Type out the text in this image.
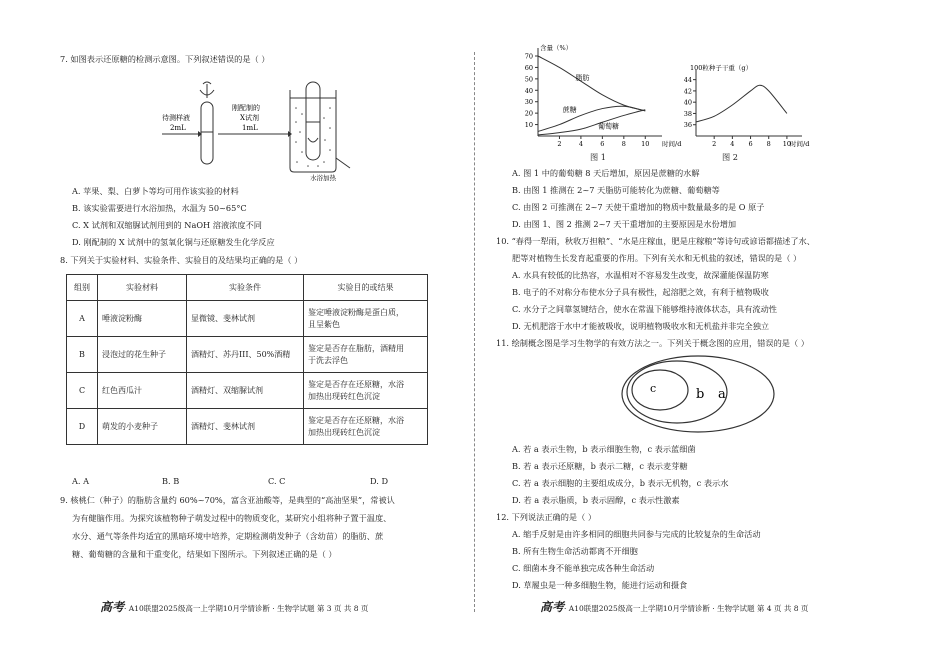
7. 如图表示还原糖的检测示意图。下列叙述错误的是（ ）
待测样液
2mL
刚配制的
X试剂
1mL
水浴加热
A. 苹果、梨、白萝卜等均可用作该实验的材料
B. 该实验需要进行水浴加热，水温为 50~65°C
C. X 试剂和双缩脲试剂用到的 NaOH 溶液浓度不同
D. 刚配制的 X 试剂中的氢氧化铜与还原糖发生化学反应
8. 下列关于实验材料、实验条件、实验目的及结果均正确的是（ ）
组别	实验材料	实验条件	实验目的或结果
A	唾液淀粉酶	显微镜、斐林试剂	鉴定唾液淀粉酶是蛋白质，
且呈紫色

B	浸泡过的花生种子	酒精灯、苏丹III、50%酒精	鉴定是否存在脂肪，酒精用
于洗去浮色

C	红色西瓜汁	酒精灯、双缩脲试剂	鉴定是否存在还原糖，水浴
加热出现砖红色沉淀

D	萌发的小麦种子	酒精灯、斐林试剂	鉴定是否存在还原糖，水浴
加热出现砖红色沉淀
A. A	B. B	C. C	D. D
9. 核桃仁（种子）的脂肪含量约 60%~70%，富含亚油酸等，是典型的“高油坚果”，常被认
为有健脑作用。为探究该植物种子萌发过程中的物质变化，某研究小组将种子置于温度、
水分、通气等条件均适宜的黑暗环境中培养，定期检测萌发种子（含幼苗）的脂肪、蔗
糖、葡萄糖的含量和干重变化，结果如下图所示。下列叙述正确的是（ ）
高考· A10联盟2025级高一上学期10月学情诊断 · 生物学试题 第 3 页 共 8 页
含量（%）
时间/d
70
60
50
40
30
20
10
2	4	6	8 10
脂肪
蔗糖
葡萄糖
图 1
100粒种子干重（g）
时间/d
44
42
40
38
36
2 4 6 8 10
图 2
A. 图 1 中的葡萄糖 8 天后增加，原因是蔗糖的水解
B. 由图 1 推测在 2~7 天脂肪可能转化为蔗糖、葡萄糖等
C. 由图 2 可推测在 2~7 天使干重增加的物质中数量最多的是 O 原子
D. 由图 1、图 2 推测 2~7 天干重增加的主要原因是水份增加
10. “春得一犁雨，秋收万担粮”、“水是庄稼血，肥是庄稼粮”等诗句或谚语都描述了水、
肥等对植物生长发育起重要的作用。下列有关水和无机盐的叙述，错误的是（ ）
A. 水具有较低的比热容，水温相对不容易发生改变，故深灌能保温防寒
B. 电子的不对称分布使水分子具有极性，起溶肥之效，有利于植物吸收
C. 水分子之间靠氢键结合，使水在常温下能够维持液体状态，具有流动性
D. 无机肥溶于水中才能被吸收，说明植物吸收水和无机盐并非完全独立
11. 绘制概念图是学习生物学的有效方法之一。下列关于概念图的应用，错误的是（ ）
c	b a
A. 若 a 表示生物，b 表示细胞生物，c 表示蓝细菌
B. 若 a 表示还原糖，b 表示二糖，c 表示麦芽糖
C. 若 a 表示细胞的主要组成成分，b 表示无机物，c 表示水
D. 若 a 表示脂质，b 表示固醇，c 表示性激素
12. 下列说法正确的是（ ）
A. 缩手反射是由许多相同的细胞共同参与完成的比较复杂的生命活动
B. 所有生物生命活动都离不开细胞
C. 细菌本身不能单独完成各种生命活动
D. 草履虫是一种多细胞生物，能进行运动和摄食
高考· A10联盟2025级高一上学期10月学情诊断 · 生物学试题 第 4 页 共 8 页
